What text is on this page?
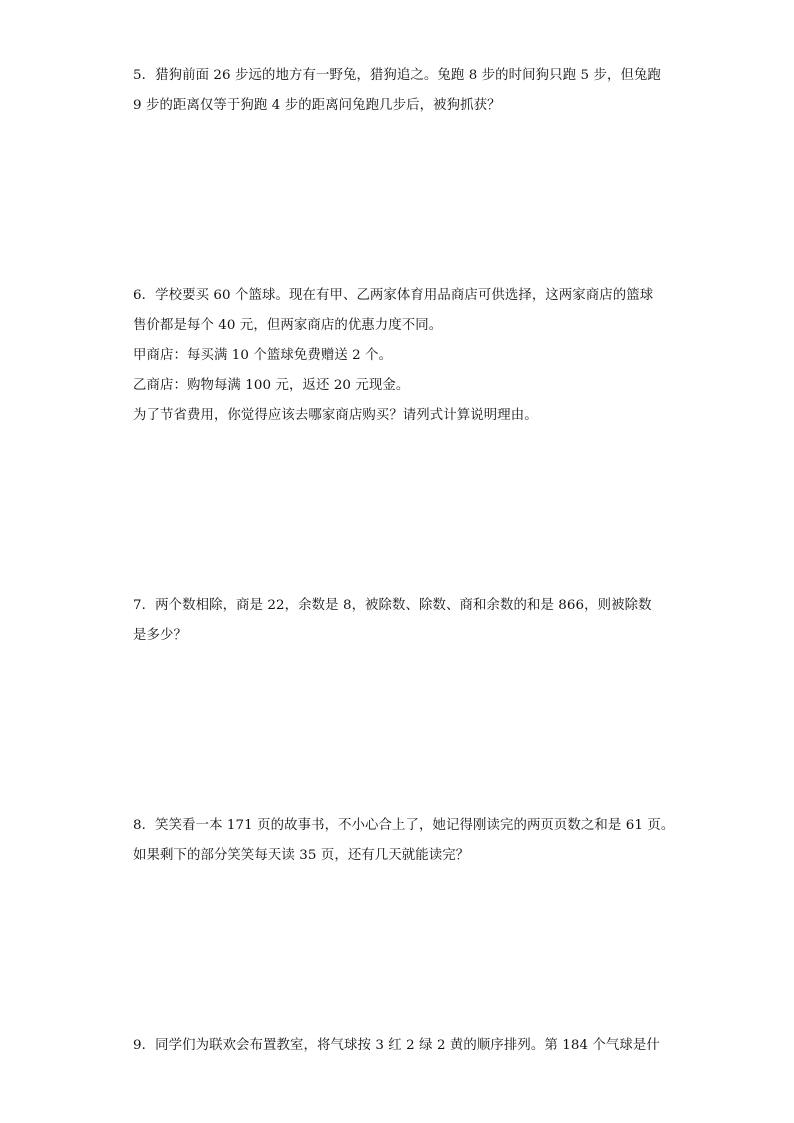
5．猎狗前面 26 步远的地方有一野兔，猎狗追之。兔跑 8 步的时间狗只跑 5 步，但兔跑
9 步的距离仅等于狗跑 4 步的距离问兔跑几步后，被狗抓获？
6．学校要买 60 个篮球。现在有甲、乙两家体育用品商店可供选择，这两家商店的篮球
售价都是每个 40 元，但两家商店的优惠力度不同。
甲商店：每买满 10 个篮球免费赠送 2 个。
乙商店：购物每满 100 元，返还 20 元现金。
为了节省费用，你觉得应该去哪家商店购买？请列式计算说明理由。
7．两个数相除，商是 22，余数是 8，被除数、除数、商和余数的和是 866，则被除数
是多少？
8．笑笑看一本 171 页的故事书，不小心合上了，她记得刚读完的两页页数之和是 61 页。
如果剩下的部分笑笑每天读 35 页，还有几天就能读完？
9．同学们为联欢会布置教室，将气球按 3 红 2 绿 2 黄的顺序排列。第 184 个气球是什
